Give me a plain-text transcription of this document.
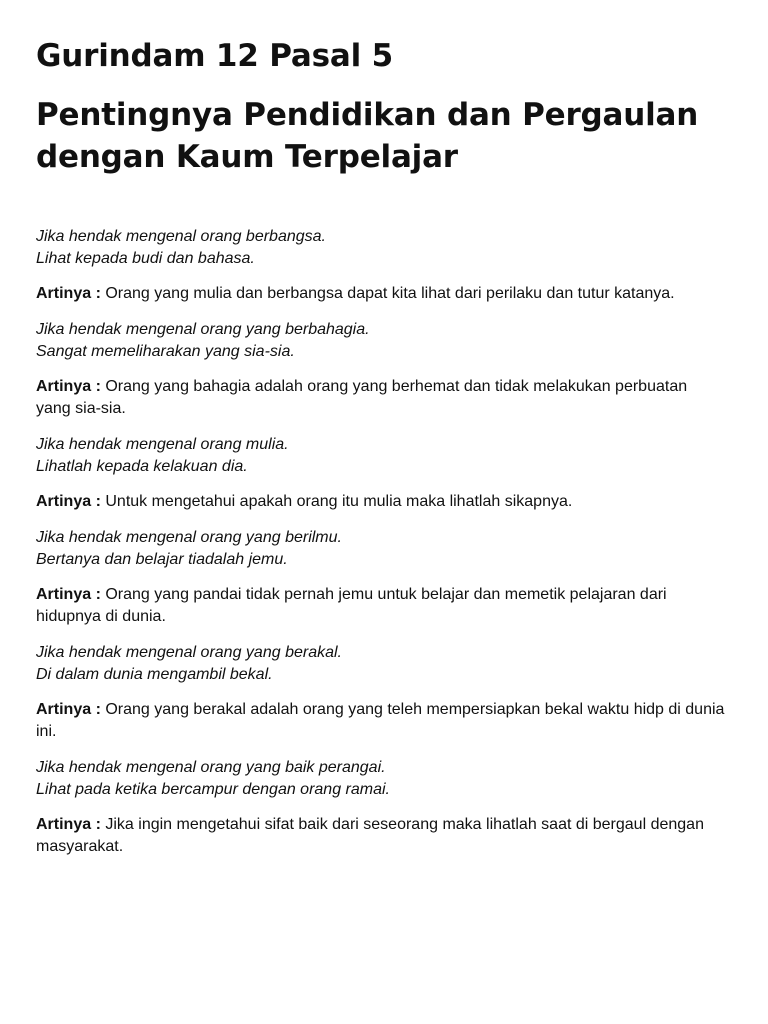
Gurindam 12 Pasal 5
Pentingnya Pendidikan dan Pergaulan dengan Kaum Terpelajar

Jika hendak mengenal orang berbangsa.
Lihat kepada budi dan bahasa.

Artinya : Orang yang mulia dan berbangsa dapat kita lihat dari perilaku dan tutur katanya.

Jika hendak mengenal orang yang berbahagia.
Sangat memeliharakan yang sia-sia.

Artinya : Orang yang bahagia adalah orang yang berhemat dan tidak melakukan perbuatan yang sia-sia.

Jika hendak mengenal orang mulia.
Lihatlah kepada kelakuan dia.

Artinya : Untuk mengetahui apakah orang itu mulia maka lihatlah sikapnya.

Jika hendak mengenal orang yang berilmu.
Bertanya dan belajar tiadalah jemu.

Artinya : Orang yang pandai tidak pernah jemu untuk belajar dan memetik pelajaran dari hidupnya di dunia.

Jika hendak mengenal orang yang berakal.
Di dalam dunia mengambil bekal.

Artinya : Orang yang berakal adalah orang yang teleh mempersiapkan bekal waktu hidp di dunia ini.

Jika hendak mengenal orang yang baik perangai.
Lihat pada ketika bercampur dengan orang ramai.

Artinya : Jika ingin mengetahui sifat baik dari seseorang maka lihatlah saat di bergaul dengan masyarakat.
